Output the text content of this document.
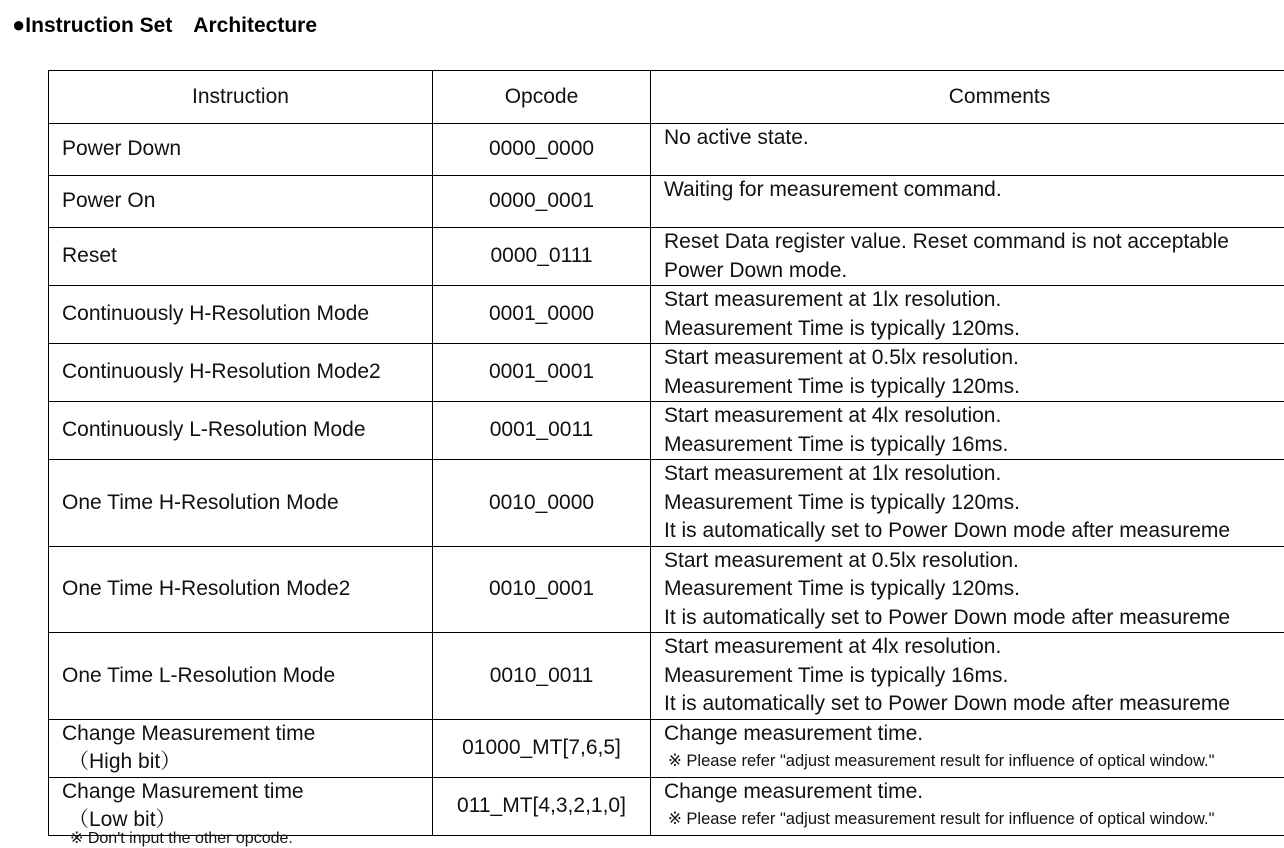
●Instruction Set　Architecture
Instruction	Opcode	Comments

Power Down	0000_0000	No active state.

Power On	0000_0001	Waiting for measurement command.

Reset	0000_0111	Reset Data register value. Reset command is not acceptable
Power Down mode.

Continuously H-Resolution Mode	0001_0000	Start measurement at 1lx resolution.
Measurement Time is typically 120ms.

Continuously H-Resolution Mode2	0001_0001	Start measurement at 0.5lx resolution.
Measurement Time is typically 120ms.

Continuously L-Resolution Mode	0001_0011	Start measurement at 4lx resolution.
Measurement Time is typically 16ms.

One Time H-Resolution Mode	0010_0000	Start measurement at 1lx resolution.
Measurement Time is typically 120ms.
It is automatically set to Power Down mode after measureme

One Time H-Resolution Mode2	0010_0001	Start measurement at 0.5lx resolution.
Measurement Time is typically 120ms.
It is automatically set to Power Down mode after measureme

One Time L-Resolution Mode	0010_0011	Start measurement at 4lx resolution.
Measurement Time is typically 16ms.
It is automatically set to Power Down mode after measureme

Change Measurement time
（High bit）	01000_MT[7,6,5]	Change measurement time.
※ Please refer "adjust measurement result for influence of optical window."

Change Masurement time
（Low bit）	011_MT[4,3,2,1,0]	Change measurement time.
※ Please refer "adjust measurement result for influence of optical window."
※ Don't input the other opcode.
